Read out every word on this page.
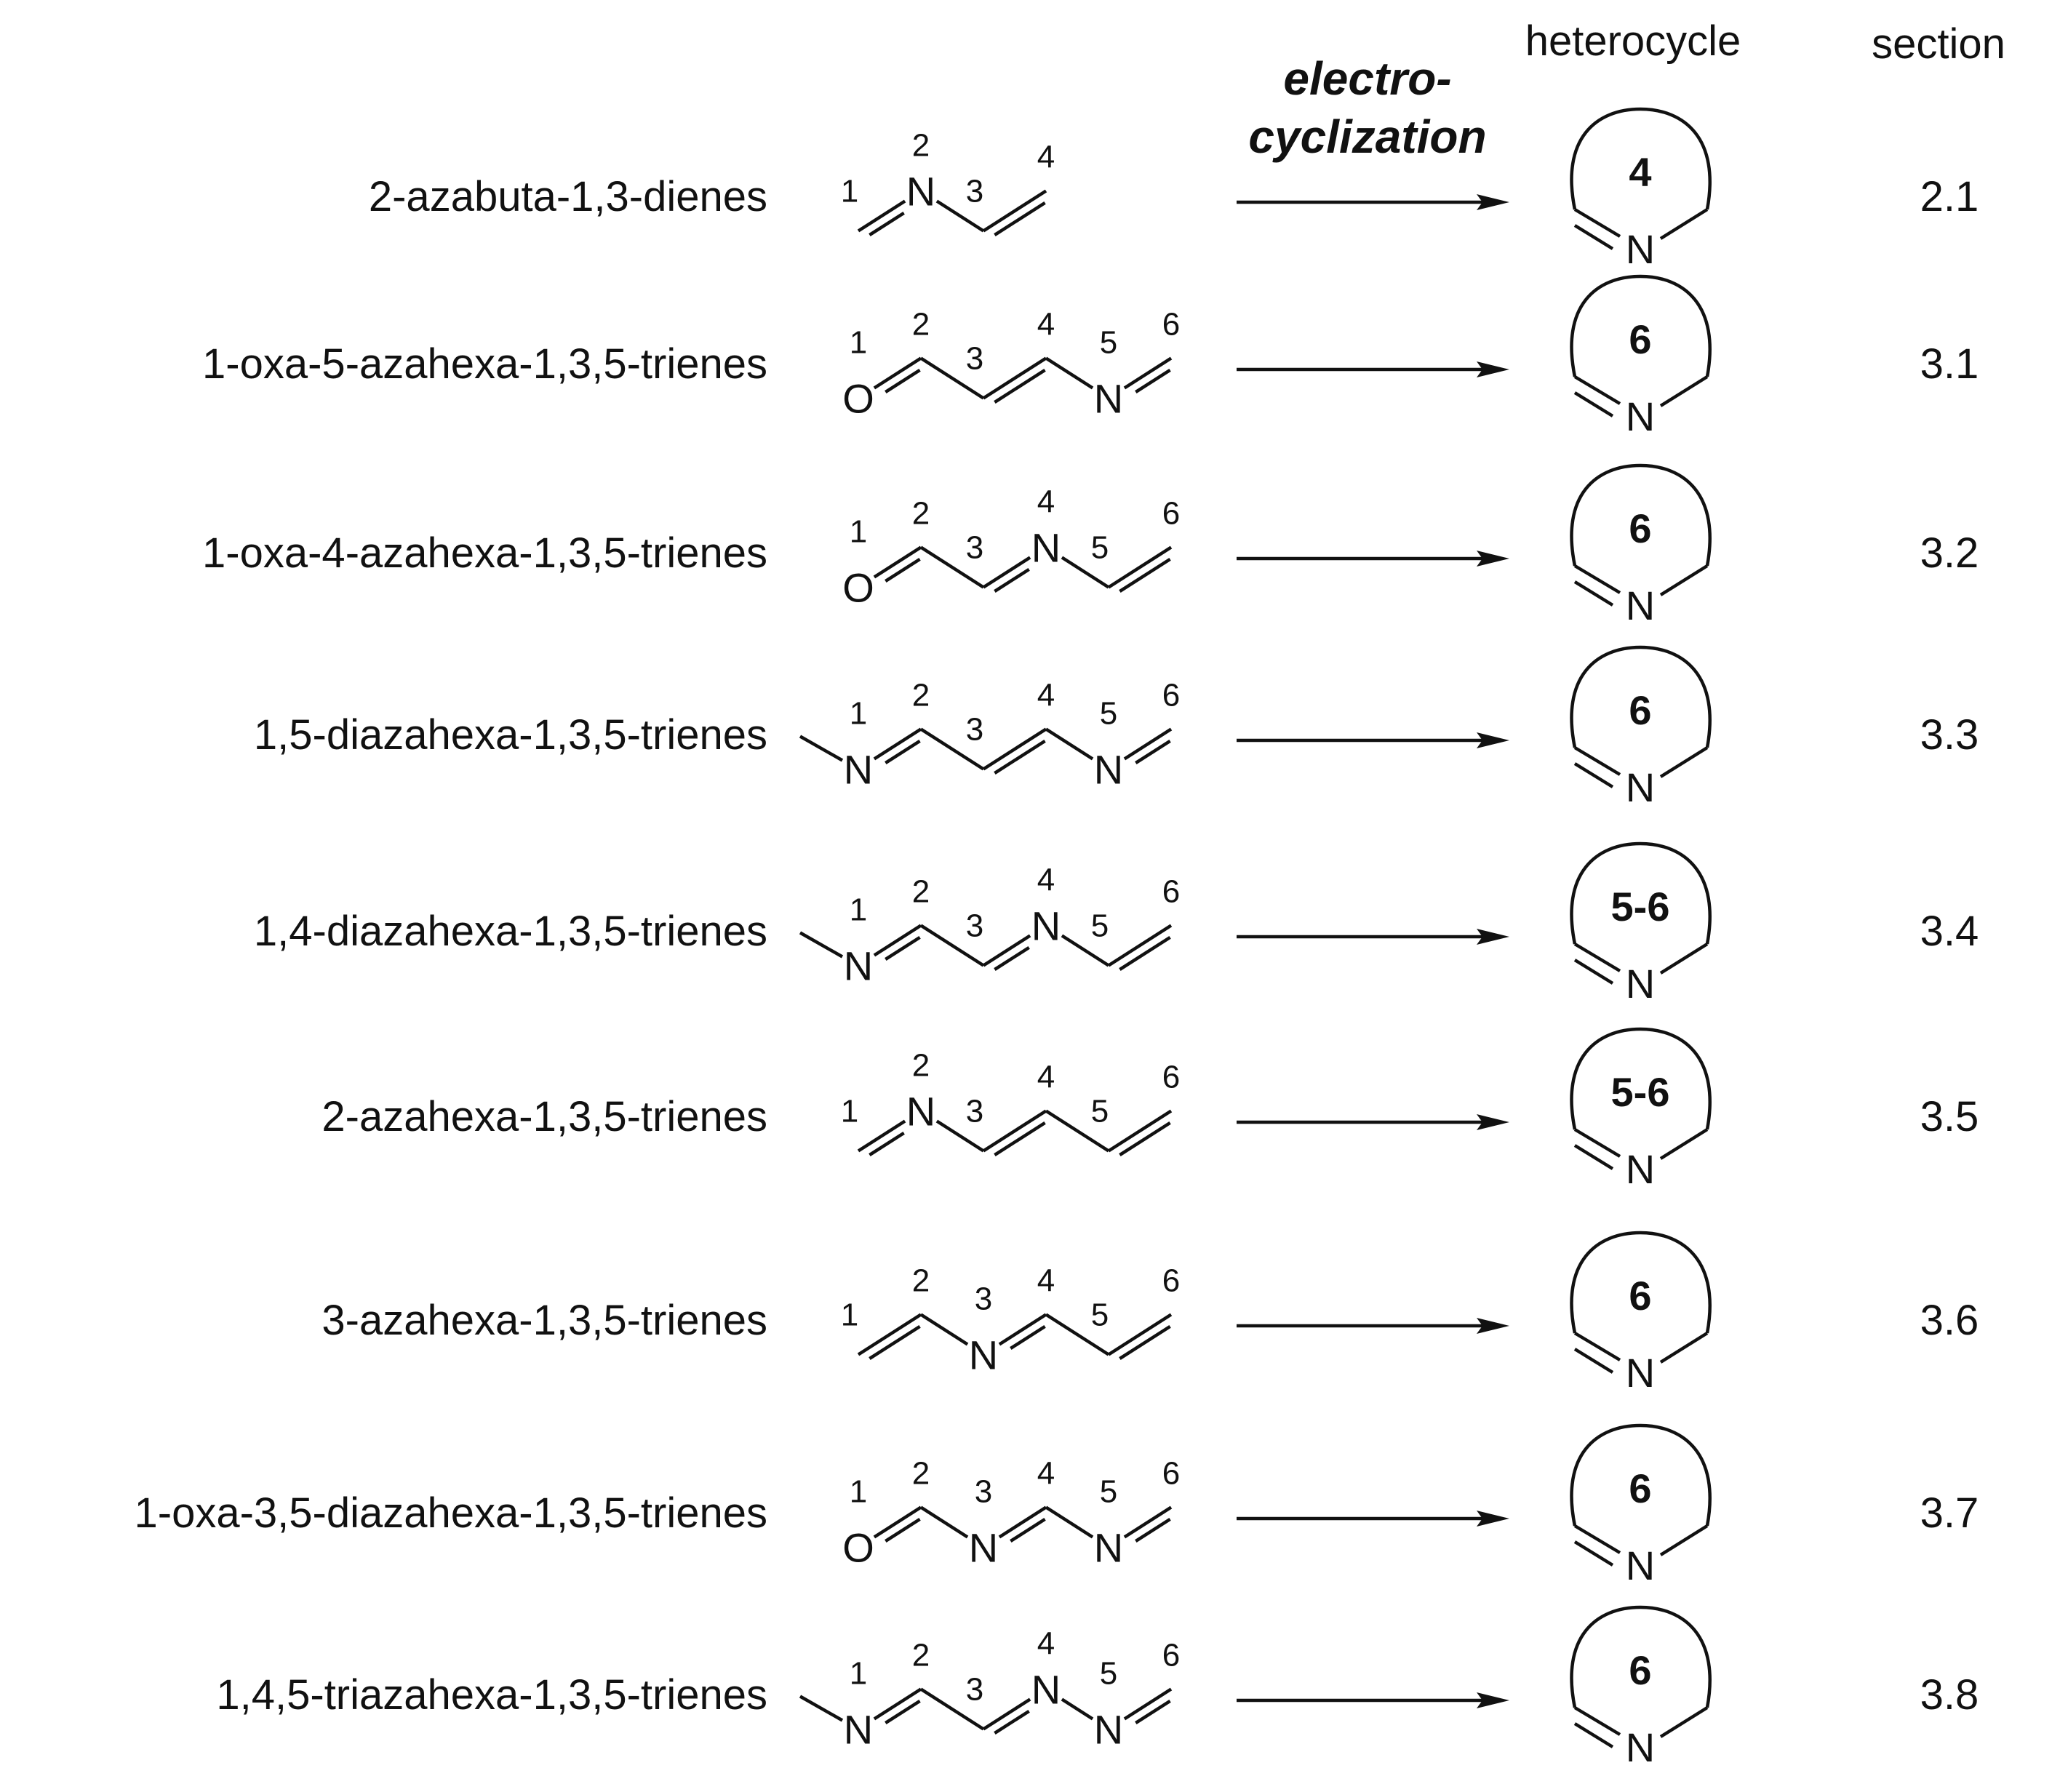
heterocycle	section
electro-
cyclization
2-azabuta-1,3-dienes 1 N
2
3
4
N
4
2.1
1-oxa-5-azahexa-1,3,5-trienes
O
1
2
3
4
N
5
6
N
6
3.1
1-oxa-4-azahexa-1,3,5-trienes
O
1
2
3 N
4
5
6
N
6
3.2
1,5-diazahexa-1,3,5-trienes
N
1
2
3
4
N
5
6
N
6
3.3
1,4-diazahexa-1,3,5-trienes
N
1
2
3 N
4
5
6
N
5-6
3.4
2-azahexa-1,3,5-trienes 1 N
2
3
4
5
6
N
5-6
3.5
3-azahexa-1,3,5-trienes 1
2
N
3
4
5
6
N
6
3.6
1-oxa-3,5-diazahexa-1,3,5-trienes
O
1
2
N
3
4
N
5
6
N
6
3.7
1,4,5-triazahexa-1,3,5-trienes
N
1
2
3 N
4
N
5
6
N
6
3.8
